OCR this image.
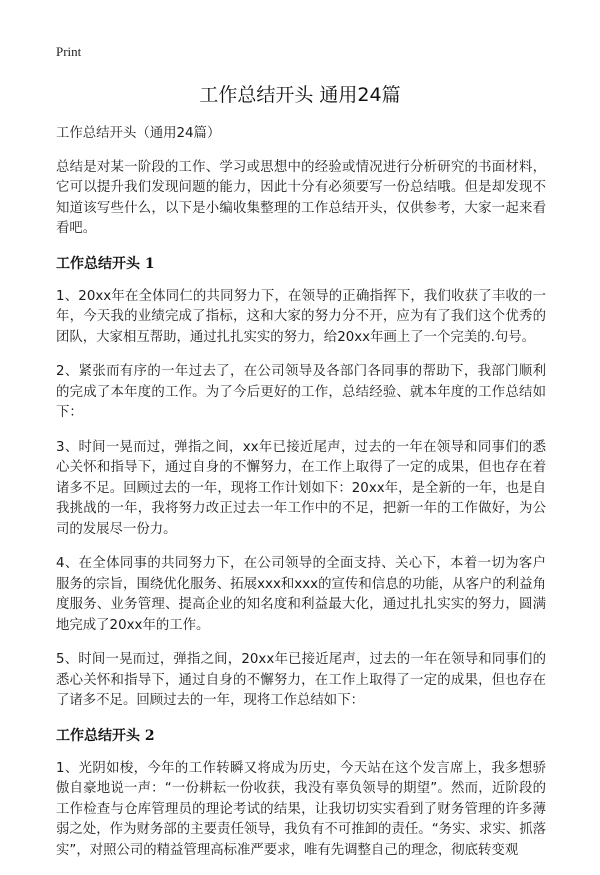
Print
工作总结开头 通用24篇

工作总结开头（通用24篇）

总结是对某一阶段的工作、学习或思想中的经验或情况进行分析研究的书面材料，它可以提升我们发现问题的能力，因此十分有必须要写一份总结哦。但是却发现不知道该写些什么，以下是小编收集整理的工作总结开头，仅供参考，大家一起来看看吧。

工作总结开头 1

1、20xx年在全体同仁的共同努力下，在领导的正确指挥下，我们收获了丰收的一年，今天我的业绩完成了指标，这和大家的努力分不开，应为有了我们这个优秀的团队，大家相互帮助，通过扎扎实实的努力，给20xx年画上了一个完美的.句号。

2、紧张而有序的一年过去了，在公司领导及各部门各同事的帮助下，我部门顺利的完成了本年度的工作。为了今后更好的工作，总结经验、就本年度的工作总结如下：

3、时间一晃而过，弹指之间，xx年已接近尾声，过去的一年在领导和同事们的悉心关怀和指导下，通过自身的不懈努力，在工作上取得了一定的成果，但也存在着诸多不足。回顾过去的一年，现将工作计划如下：20xx年，是全新的一年，也是自我挑战的一年，我将努力改正过去一年工作中的不足，把新一年的工作做好，为公司的发展尽一份力。

4、在全体同事的共同努力下，在公司领导的全面支持、关心下，本着一切为客户服务的宗旨，围绕优化服务、拓展xxx和xxx的宣传和信息的功能，从客户的利益角度服务、业务管理、提高企业的知名度和利益最大化，通过扎扎实实的努力，圆满地完成了20xx年的工作。

5、时间一晃而过，弹指之间，20xx年已接近尾声，过去的一年在领导和同事们的悉心关怀和指导下，通过自身的不懈努力，在工作上取得了一定的成果，但也存在了诸多不足。回顾过去的一年，现将工作总结如下：

工作总结开头 2

1、光阴如梭，今年的工作转瞬又将成为历史，今天站在这个发言席上，我多想骄傲自豪地说一声：“一份耕耘一份收获，我没有辜负领导的期望”。然而，近阶段的工作检查与仓库管理员的理论考试的结果，让我切切实实看到了财务管理的许多薄弱之处，作为财务部的主要责任领导，我负有不可推卸的责任。“务实、求实、抓落实”，对照公司的精益管理高标准严要求，唯有先调整自己的理念，彻底转变观
